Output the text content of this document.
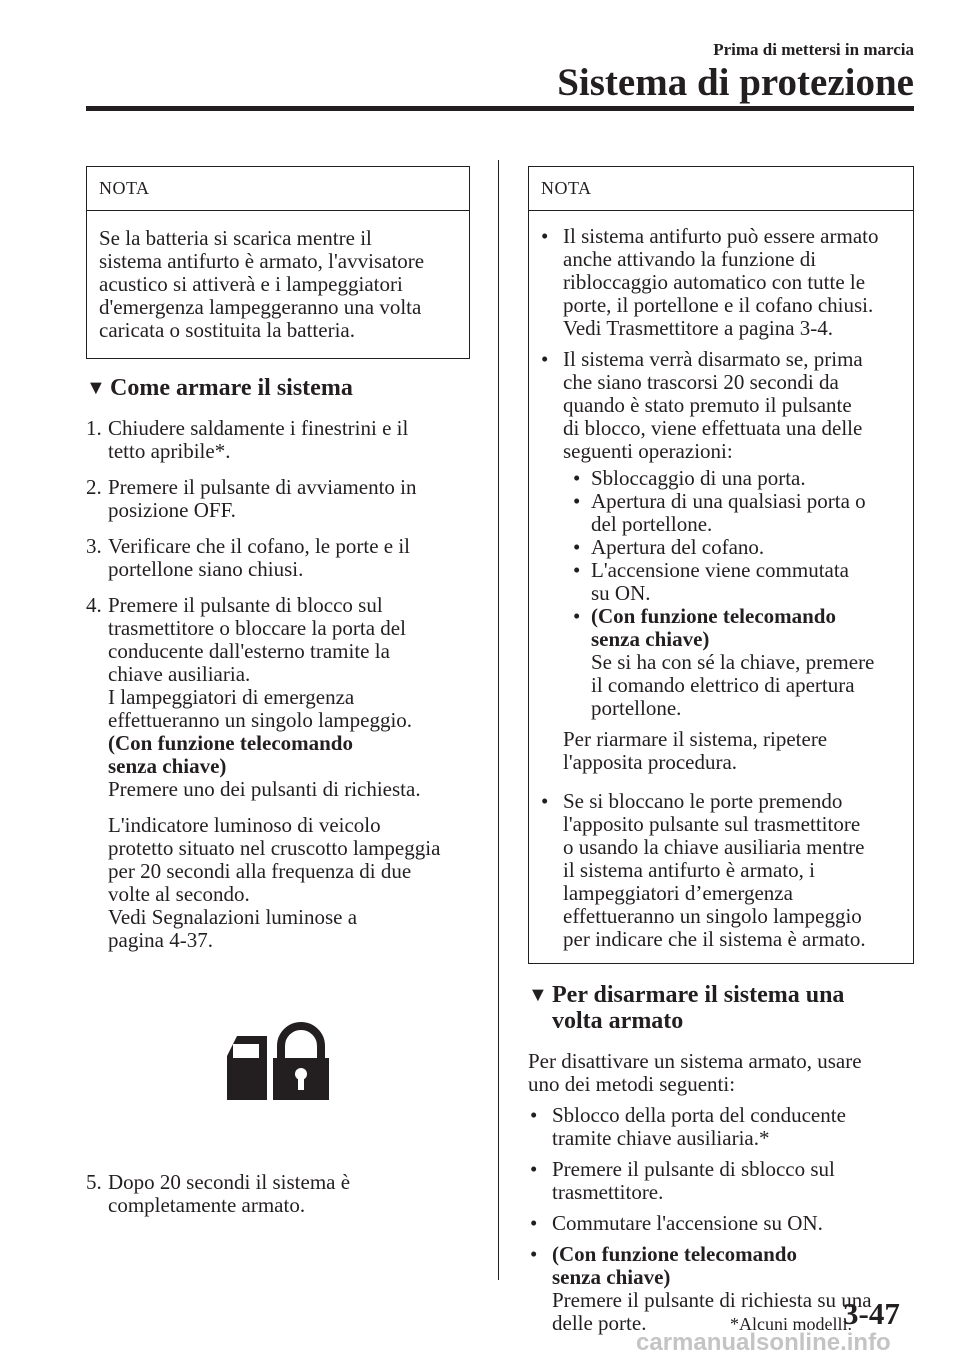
Prima di mettersi in marcia
Sistema di protezione
NOTA
Se la batteria si scarica mentre il
sistema antifurto è armato, l'avvisatore
acustico si attiverà e i lampeggiatori
d'emergenza lampeggeranno una volta
caricata o sostituita la batteria.
▼ Come armare il sistema
1. Chiudere saldamente i finestrini e il
tetto apribile*.
2. Premere il pulsante di avviamento in
posizione OFF.
3. Verificare che il cofano, le porte e il
portellone siano chiusi.
4. Premere il pulsante di blocco sul
trasmettitore o bloccare la porta del
conducente dall'esterno tramite la
chiave ausiliaria.
I lampeggiatori di emergenza
effettueranno un singolo lampeggio.
(Con funzione telecomando
senza chiave)
Premere uno dei pulsanti di richiesta.
L'indicatore luminoso di veicolo
protetto situato nel cruscotto lampeggia
per 20 secondi alla frequenza di due
volte al secondo.
Vedi Segnalazioni luminose a
pagina 4-37.
5. Dopo 20 secondi il sistema è
completamente armato.
NOTA
• Il sistema antifurto può essere armato
anche attivando la funzione di
ribloccaggio automatico con tutte le
porte, il portellone e il cofano chiusi.
Vedi Trasmettitore a pagina 3-4.
• Il sistema verrà disarmato se, prima
che siano trascorsi 20 secondi da
quando è stato premuto il pulsante
di blocco, viene effettuata una delle
seguenti operazioni:
• Sbloccaggio di una porta.
• Apertura di una qualsiasi porta o
del portellone.
• Apertura del cofano.
• L'accensione viene commutata
su ON.
• (Con funzione telecomando
senza chiave)
Se si ha con sé la chiave, premere
il comando elettrico di apertura
portellone.
Per riarmare il sistema, ripetere
l'apposita procedura.
• Se si bloccano le porte premendo
l'apposito pulsante sul trasmettitore
o usando la chiave ausiliaria mentre
il sistema antifurto è armato, i
lampeggiatori d’emergenza
effettueranno un singolo lampeggio
per indicare che il sistema è armato.
▼ Per disarmare il sistema una
volta armato
Per disattivare un sistema armato, usare
uno dei metodi seguenti:
• Sblocco della porta del conducente
tramite chiave ausiliaria.*
• Premere il pulsante di sblocco sul
trasmettitore.
• Commutare l'accensione su ON.
• (Con funzione telecomando
senza chiave)
Premere il pulsante di richiesta su una
delle porte.	*Alcuni modelli.
3-47
carmanualsonline.info
